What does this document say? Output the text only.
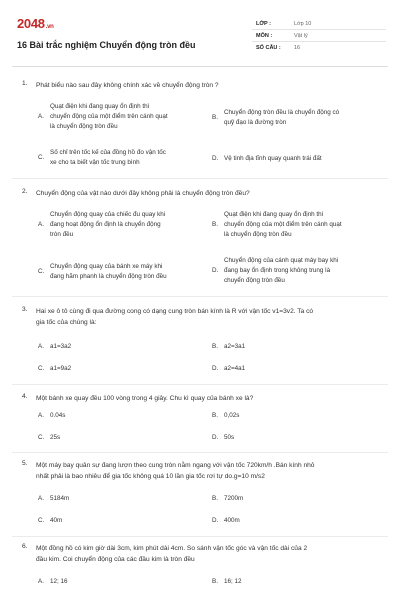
2048.vn
16 Bài trắc nghiệm Chuyển động tròn đều
LỚP :	Lớp 10
MÔN :	Vật lý
SỐ CÂU : 16
1.	Phát biểu nào sau đây không chính xác về chuyển động tròn ?
A.
Quạt điện khi đang quay ổn định thì
chuyển động của một điểm trên cánh quạt
là chuyển động tròn đều
B.
Chuyển động tròn đều là chuyển động có
quỹ đạo là đường tròn
C.
Số chỉ trên tốc kế của đồng hồ đo vận tốc
xe cho ta biết vận tốc trung bình
D. Vệ tinh địa tĩnh quay quanh trái đất
2.	Chuyển động của vật nào dưới đây không phải là chuyển động tròn đều?
A.
Chuyển động quay của chiếc đu quay khi
đang hoạt động ổn định là chuyển động
tròn đều
B.
Quạt điện khi đang quay ổn định thì
chuyển động của một điểm trên cánh quạt
là chuyển động tròn đều
C.
Chuyển động quay của bánh xe máy khi
đang hãm phanh là chuyển động tròn đều
D.
Chuyển động của cánh quạt máy bay khi
đang bay ổn định trong không trung là
chuyển động tròn đều
3. Hai xe ô tô cùng đi qua đường cong có dạng cung tròn bán kính là R với vận tốc v1=3v2. Ta có
gia tốc của chúng là:
A. a1=3a2	B. a2=3a1
C. a1=9a2	D. a2=4a1
4.	Một bánh xe quay đều 100 vòng trong 4 giây. Chu kì quay của bánh xe là?
A. 0.04s	B. 0,02s
C. 25s	D. 50s
5. Một máy bay quân sự đang lượn theo cung tròn nằm ngang với vận tốc 720km/h .Bán kính nhỏ
nhất phải là bao nhiêu để gia tốc không quá 10 lần gia tốc rơi tự do.g=10 m/s2
A. 5184m	B. 7200m
C. 40m	D. 400m
6. Một đồng hồ có kim giờ dài 3cm, kim phút dài 4cm. So sánh vận tốc góc và vận tốc dài của 2
đầu kim. Coi chuyển động của các đầu kim là tròn đều
A. 12; 16	B. 16; 12
